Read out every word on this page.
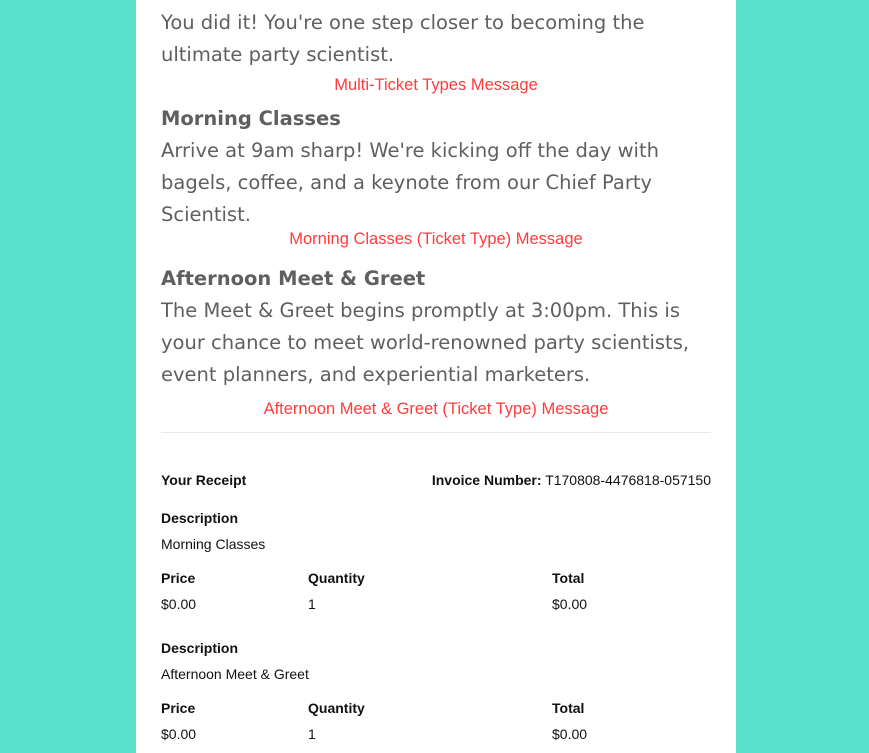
You did it! You're one step closer to becoming the

ultimate party scientist.

Multi-Ticket Types Message

Morning Classes

Arrive at 9am sharp! We're kicking off the day with

bagels, coffee, and a keynote from our Chief Party

Scientist.

Morning Classes (Ticket Type) Message

Afternoon Meet & Greet

The Meet & Greet begins promptly at 3:00pm. This is

your chance to meet world-renowned party scientists,

event planners, and experiential marketers.

Afternoon Meet & Greet (Ticket Type) Message

Your Receipt	Invoice Number: T170808-4476818-057150
Description
Morning Classes
Price	Quantity	Total
$0.00	1	$0.00
Description
Afternoon Meet & Greet
Price	Quantity	Total
$0.00	1	$0.00
